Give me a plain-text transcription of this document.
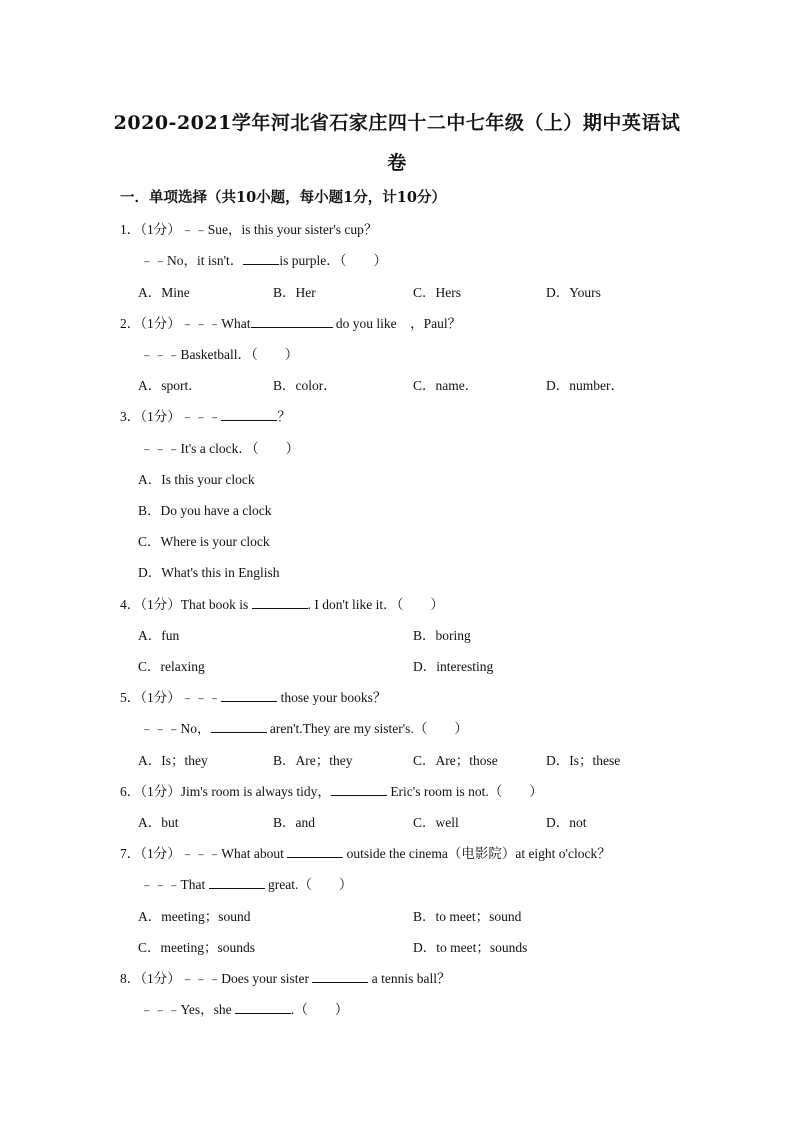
2020-2021学年河北省石家庄四十二中七年级（上）期中英语试
卷
一．单项选择（共10小题，每小题1分，计10分）
1．（1分）﹣﹣Sue，is this your sister's cup？
﹣﹣No，it isn't．	is purple．（　　）
A．Mine	B．Her	C．Hers	D．Yours
2．（1分）﹣﹣﹣What	do you like　，Paul？
﹣﹣﹣Basketball．（　　）
A．sport．	B．color．	C．name．	D．number．
3．（1分）﹣﹣﹣	？
﹣﹣﹣It's a clock．（　　）
A．Is this your clock
B．Do you have a clock
C．Where is your clock
D．What's this in English
4．（1分）That book is	. I don't like it．（　　）
A．fun	B．boring
C．relaxing	D．interesting
5．（1分）﹣﹣﹣	those your books？
﹣﹣﹣No，	aren't.They are my sister's.（　　）
A．Is；they	B．Are；they	C．Are；those	D．Is；these
6．（1分）Jim's room is always tidy，	Eric's room is not.（　　）
A．but	B．and	C．well	D．not
7．（1分）﹣﹣﹣What about	outside the cinema（电影院）at eight o'clock？
﹣﹣﹣That	great.（　　）
A．meeting；sound	B．to meet；sound
C．meeting；sounds	D．to meet；sounds
8．（1分）﹣﹣﹣Does your sister	a tennis ball？
﹣﹣﹣Yes，she	.（　　）
